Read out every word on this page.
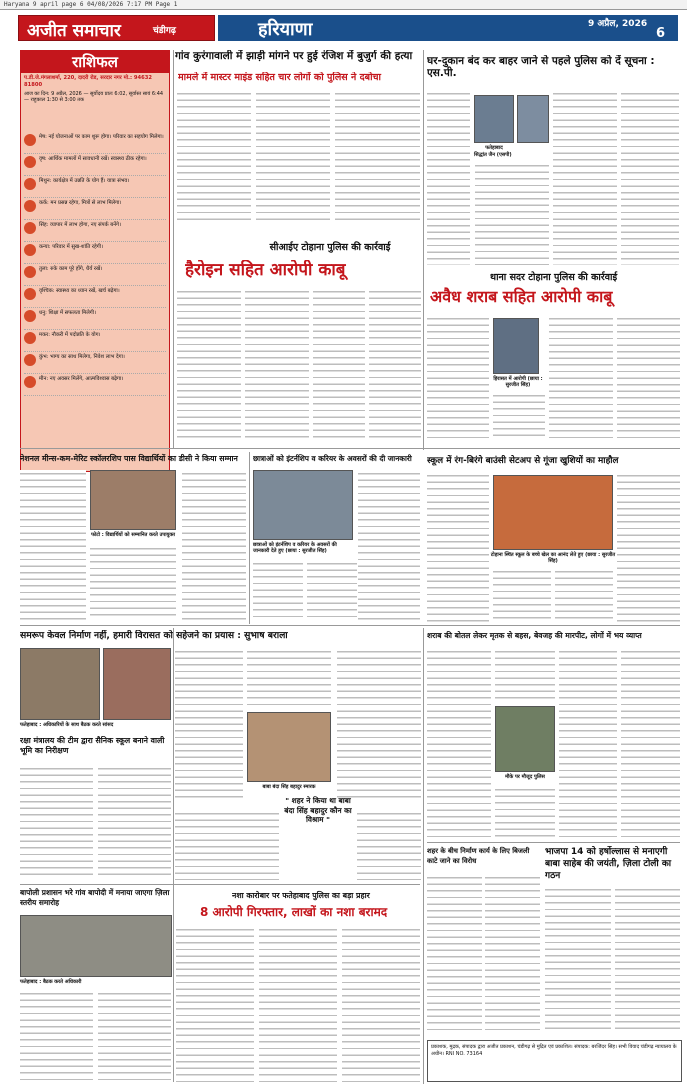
Haryana 9 april page 6 04/08/2026 7:17 PM Page 1
अजीत समाचार	चंडीगढ़	हरियाणा	9 अप्रैल, 2026
6
राशिफल
प.डी.जे.मंगलाशर्मा, 220, दादरी रोड, सरदार नगर मो.: 94632 81800
आज का दिन: 9 अप्रैल, 2026 — सूर्योदय प्रातः 6:02, सूर्यास्त सायं 6:44 — राहुकाल 1:30 से 3:00 तक
मेष: नई योजनाओं पर काम शुरू होगा। परिवार का सहयोग मिलेगा।
वृष: आर्थिक मामलों में सावधानी रखें। स्वास्थ्य ठीक रहेगा।
मिथुन: कार्यक्षेत्र में उन्नति के योग हैं। यात्रा संभव।
कर्क: मन प्रसन्न रहेगा, मित्रों से लाभ मिलेगा।
सिंह: व्यापार में लाभ होगा, नए संपर्क बनेंगे।
कन्या: परिवार में सुख-शांति रहेगी।
तुला: रुके काम पूरे होंगे, धैर्य रखें।
वृश्चिक: स्वास्थ्य का ध्यान रखें, खर्च बढ़ेगा।
धनु: शिक्षा में सफलता मिलेगी।
मकर: नौकरी में पदोन्नति के योग।
कुंभ: भाग्य का साथ मिलेगा, निवेश लाभ देगा।
मीन: नए अवसर मिलेंगे, आत्मविश्वास बढ़ेगा।
गांव कुरंगावाली में झाड़ी मांगने पर हुई रंजिश में बुजुर्ग की हत्या
मामले में मास्टर माइंड सहित चार लोगों को पुलिस ने दबोचा
घर-दुकान बंद कर बाहर जाने से पहले पुलिस को दें सूचना : एस.पी.
फतेहाबाद
सिद्धांत जैन (एसपी)
सीआईए टोहाना पुलिस की कार्रवाई
हैरोइन सहित आरोपी काबू	थाना सदर टोहाना पुलिस की कार्रवाई
अवैध शराब सहित आरोपी काबू
हिरासत में आरोपी (छाया : सुरजीत सिंह)
नेशनल मीन्स-कम-मेरिट स्कॉलरशिप पास विद्यार्थियों का डीसी ने किया सम्मान
फोटो : विद्यार्थियों को सम्मानित करते उपायुक्त
छात्राओं को इंटर्नशिप व करियर के अवसरों की दी जानकारी
छात्राओं को इंटर्नशिप व करियर के अवसरों की जानकारी देते हुए (छाया : सुरजीत सिंह)
स्कूल में रंग-बिरंगे बाउंसी सेटअप से गूंजा खुशियों का माहौल
टोहाना स्थित स्कूल के बच्चे खेल का आनंद लेते हुए (छाया : सुरजीत सिंह)
समरूप केवल निर्माण नहीं, हमारी विरासत को सहेजने का प्रयास : सुभाष बराला
फतेहाबाद : अधिकारियों के साथ बैठक करते सांसद
बाबा बंदा सिंह बहादुर स्मारक
" शहर ने किया था बाबा बंदा सिंह बहादुर कौन का विश्राम "
रक्षा मंत्रालय की टीम द्वारा सैनिक स्कूल बनाने वाली भूमि का निरीक्षण
शराब की बोतल लेकर मृतक से बहस, बेवजह की मारपीट, लोगों में भय व्याप्त
मौके पर मौजूद पुलिस
बापोली प्रशासन भरे गांव बापोदी में मनाया जाएगा ज़िला स्तरीय समारोह
फतेहाबाद : बैठक करते अधिकारी
नशा कारोबार पर फतेहाबाद पुलिस का बड़ा प्रहार
8 आरोपी गिरफ्तार, लाखों का नशा बरामद
शहर के बीच निर्माण कार्य के लिए बिजली काटे जाने का विरोध
भाजपा 14 को हर्षोल्लास से मनाएगी बाबा साहेब की जयंती, ज़िला टोली का गठन
प्रकाशक, मुद्रक, संपादक द्वारा अजीत प्रकाशन, चंडीगढ़ से मुद्रित एवं प्रकाशित। संपादक: बरजिंदर सिंह। सभी विवाद चंडीगढ़ न्यायालय के अधीन। RNI NO. 73164
